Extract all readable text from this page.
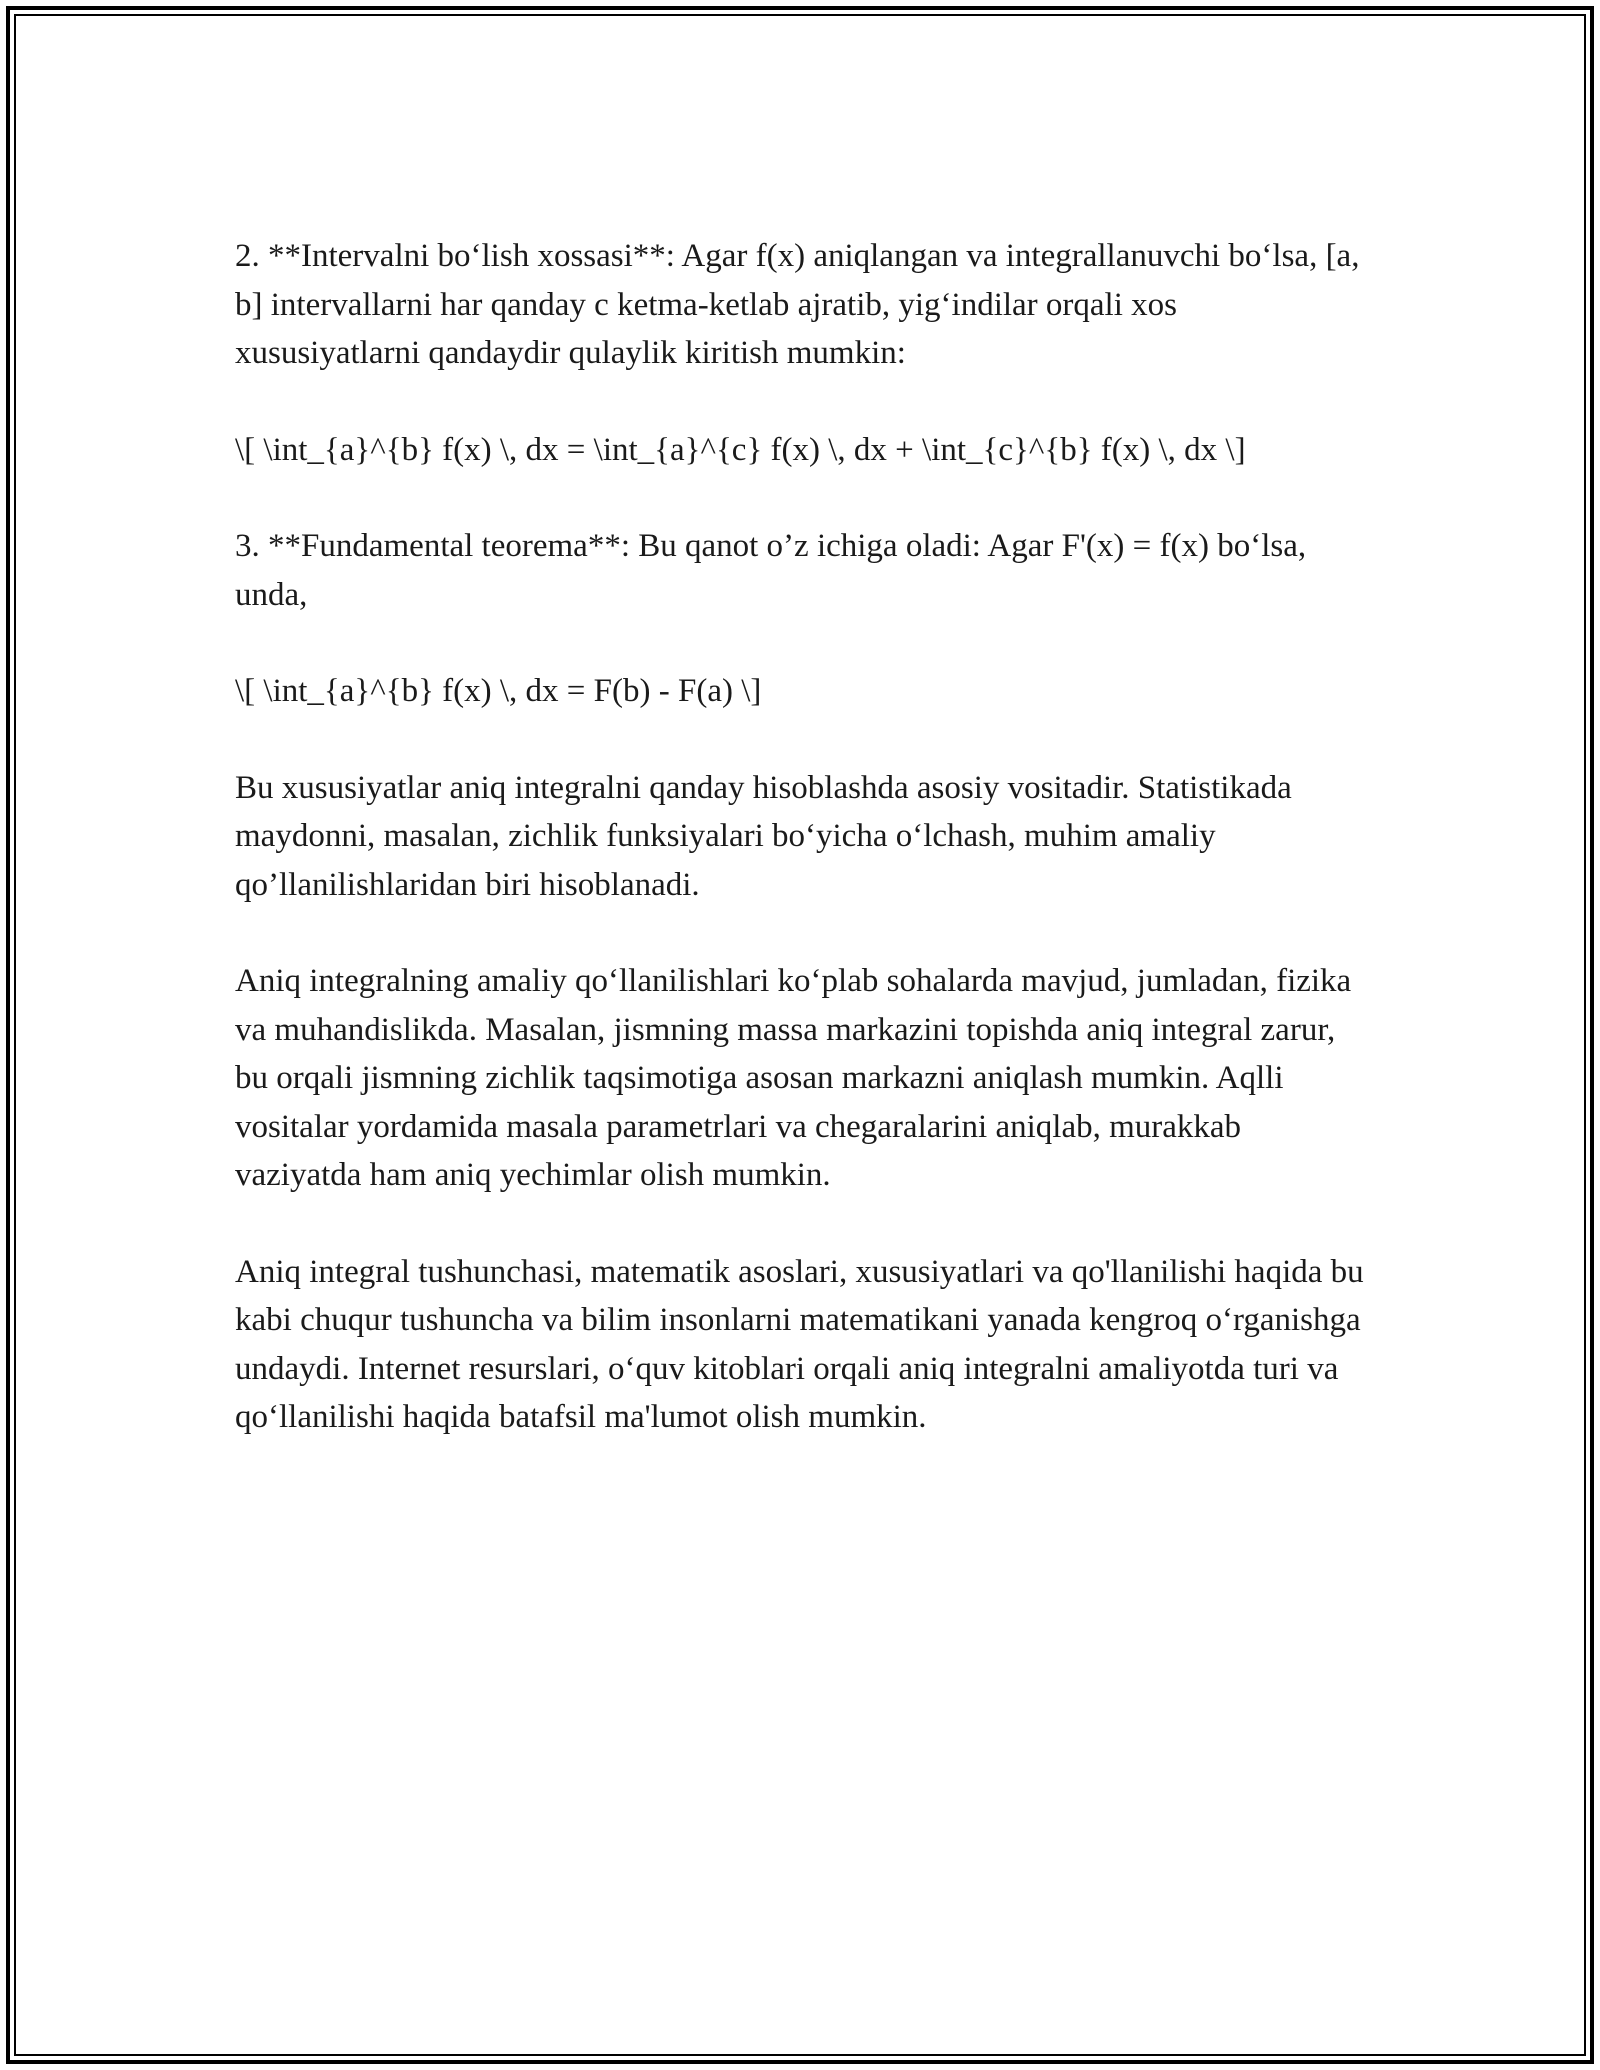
2. **Intervalni bo‘lish xossasi**: Agar f(x) aniqlangan va integrallanuvchi bo‘lsa, [a, b] intervallarni har qanday c ketma-ketlab ajratib, yig‘indilar orqali xos xususiyatlarni qandaydir qulaylik kiritish mumkin:

\[ \int_{a}^{b} f(x) \, dx = \int_{a}^{c} f(x) \, dx + \int_{c}^{b} f(x) \, dx \]

3. **Fundamental teorema**: Bu qanot o’z ichiga oladi: Agar F'(x) = f(x) bo‘lsa, unda,

\[ \int_{a}^{b} f(x) \, dx = F(b) - F(a) \]

Bu xususiyatlar aniq integralni qanday hisoblashda asosiy vositadir. Statistikada maydonni, masalan, zichlik funksiyalari bo‘yicha o‘lchash, muhim amaliy qo’llanilishlaridan biri hisoblanadi.

Aniq integralning amaliy qo‘llanilishlari ko‘plab sohalarda mavjud, jumladan, fizika va muhandislikda. Masalan, jismning massa markazini topishda aniq integral zarur, bu orqali jismning zichlik taqsimotiga asosan markazni aniqlash mumkin. Aqlli vositalar yordamida masala parametrlari va chegaralarini aniqlab, murakkab vaziyatda ham aniq yechimlar olish mumkin.

Aniq integral tushunchasi, matematik asoslari, xususiyatlari va qo'llanilishi haqida bu kabi chuqur tushuncha va bilim insonlarni matematikani yanada kengroq o‘rganishga undaydi. Internet resurslari, o‘quv kitoblari orqali aniq integralni amaliyotda turi va qo‘llanilishi haqida batafsil ma'lumot olish mumkin.
